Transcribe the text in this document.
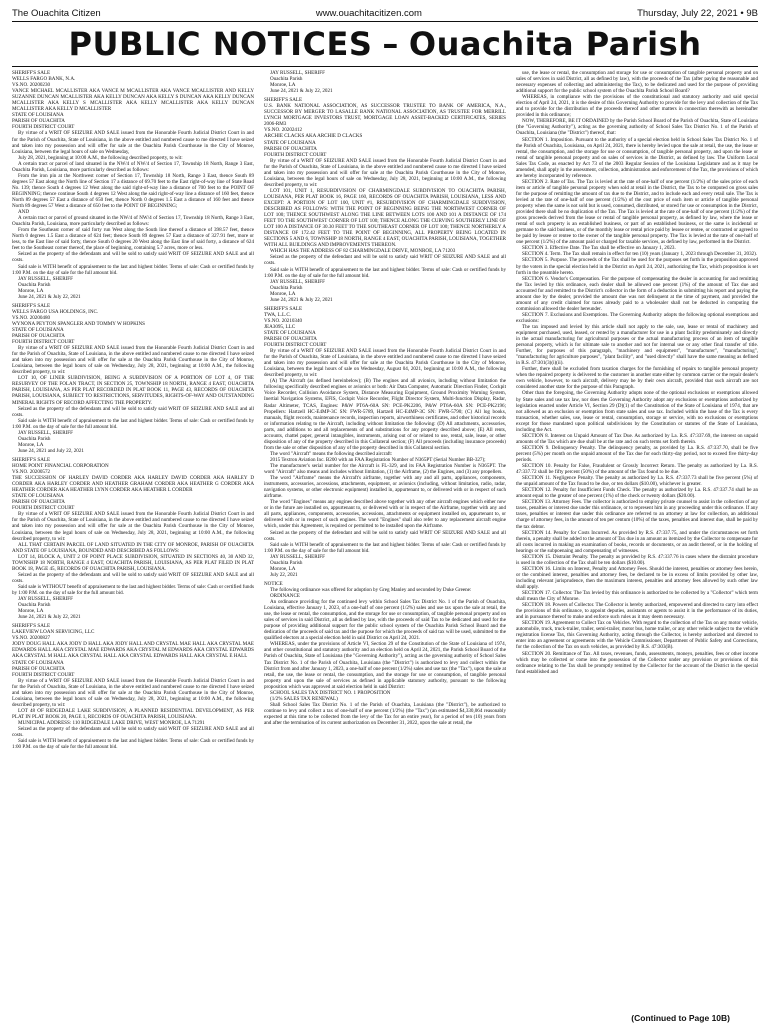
The Ouachita Citizen	www.ouachitacitizen.com	Thursday, July 22, 2021 • 9B
PUBLIC NOTICES – Ouachita Parish

SHERIFF'S SALE

WELLS FARGO BANK, N.A.

VS.NO. 20200230

VANCE MICHAEL MCALLISTER AKA VANCE M MCALLISTER AKA VANCE MCALLISTER AND KELLY SUZANNE DUNCAN MCALLISTER AKA KELLY DUNCAN AKA KELLY S DUNCAN AKA KELLY DUNCAN MCALLISTER AKA KELLY S MCALLISTER AKA KELLY MCALLISTER AKA KELLY DUNCAN MCALLISTER AKA KELLY D MCALLISTER

STATE OF LOUISIANA

PARISH OF OUACHITA

FOURTH DISTRICT COURT

By virtue of a WRIT OF SEIZURE AND SALE issued from the Honorable Fourth Judicial District Court in and for the Parish of Ouachita, State of Louisiana, in the above entitled and numbered cause to me directed I have seized and taken into my possession and will offer for sale at the Ouachita Parish Courthouse in the City of Monroe, Louisiana, between the legal hours of sale on Wednesday,

July 28, 2021, beginning at 10:00 A.M., the following described property, to wit:

A certain tract or parcel of land situated in the NW/4 of NW/4 of Section 17, Township 18 North, Range 3 East, Ouachita Parish, Louisiana, more particularly described as follows:

From the iron pin at the Northwest corner of Section 17, Township 18 North, Range 3 East, thence South 89 degrees 57 East along the North line of Section 17 a distance of 69.70 feet to the East right-of-way line of State Road No. 139; thence South 4 degrees 12 West along the said right-of-way line a distance of 700 feet to the POINT OF BEGINNING; thence continue South 4 degrees 12 West along the said right-of-way line a distance of 160 feet, thence North 89 degrees 57 East a distance of 650 feet, thence North 0 degrees 1.5 East a distance of 160 feet and thence North 89 degrees 57 West a distance of 650 feet to the POINT OF BEGINNING;

AND

A certain tract or parcel of ground situated in the NW/4 of NW/4 of Section 17, Township 18 North, Range 3 East, Ouachita Parish, Louisiana, more particularly described as follows:

From the Southeast corner of said forty run West along the South line thereof a distance of 398.57 feet, thence North 0 degrees 1.5 East a distance of 624 feet; thence South 89 degrees 57 East a distance of 327.91 feet, more or less, to the East line of said forty, thence South 0 degrees 20 West along the East line of said forty, a distance of 624 feet to the Southeast corner thereof, the place of beginning, containing 5.7 acres, more or less.

Seized as the property of the defendants and will be sold to satisfy said WRIT OF SEIZURE AND SALE and all costs.

Said sale is WITH benefit of appraisement to the last and highest bidder. Terms of sale: Cash or certified funds by 1:00 P.M. on the day of sale for the full amount bid.

JAY RUSSELL, SHERIFF

Ouachita Parish

Monroe, LA

June 24, 2021 & July 22, 2021

SHERIFF'S SALE

WELLS FARGO USA HOLDINGS, INC.

VS.NO. 20200480

WYNONA PEYTON SPANGLER AND TOMMY W HOPKINS

STATE OF LOUISIANA

PARISH OF OUACHITA

FOURTH DISTRICT COURT

By virtue of a WRIT OF SEIZURE AND SALE issued from the Honorable Fourth Judicial District Court in and for the Parish of Ouachita, State of Louisiana, in the above entitled and numbered cause to me directed I have seized and taken into my possession and will offer for sale at the Ouachita Parish Courthouse in the City of Monroe, Louisiana, between the legal hours of sale on Wednesday, July 28, 2021, beginning at 10:00 A.M., the following described property, to wit:

LOT 10, OF LINER SUBDIVISION, BEING A SUBDIVISION OF A PORTION OF LOT 4, OF THE RESURVEY OF THE FOLAN TRACT, IN SECTION 25, TOWNSHIP 18 NORTH, RANGE 4 EAST, OUACHITA PARISH, LOUISIANA, AS PER PLAT RECORDED IN PLAT BOOK 11, PAGE 43, RECORDS OF OUACHITA PARISH, LOUISIANA, SUBJECT TO RESTRICTIONS, SERVITUDES, RIGHTS-OF-WAY AND OUTSTANDING MINERAL RIGHTS OF RECORD AFFECTING THE PROPERTY.

Seized as the property of the defendants and will be sold to satisfy said WRIT OF SEIZURE AND SALE and all costs.

Said sale is WITH benefit of appraisement to the last and highest bidder. Terms of sale: Cash or certified funds by 1:00 P.M. on the day of sale for the full amount bid.

JAY RUSSELL, SHERIFF

Ouachita Parish

Monroe, LA

June 24, 2021 and July 22, 2021

SHERIFF'S SALE

HOME POINT FINANCIAL CORPORATION

VS.NO. 20200572

THE SUCCESSION OF HARLEY DAVID CORDER AKA HARLEY DAVID CORDER AKA HARLEY D CORDER AKA HARLEY CORDER AND HEATHER GRAHAM CORDER AKA HEATHER G CORDER AKA HEATHER CORDER AKA HEATHER LYNN CORDER AKA HEATHER L CORDER

STATE OF LOUISIANA

PARISH OF OUACHITA

FOURTH DISTRICT COURT

By virtue of a WRIT OF SEIZURE AND SALE issued from the Honorable Fourth Judicial District Court in and for the Parish of Ouachita, State of Louisiana, in the above entitled and numbered cause to me directed I have seized and taken into my possession and will offer for sale at the Ouachita Parish Courthouse in the City of Monroe, Louisiana, between the legal hours of sale on Wednesday, July 28, 2021, beginning at 10:00 A.M., the following described property, to wit:

ALL THAT CERTAIN PARCEL OF LAND SITUATED IN THE CITY OF MONROE, PARISH OF OUACHITA AND STATE OF LOUISIANA, BOUNDED AND DESCRIBED AS FOLLOWS:

LOT 14, BLOCK A, UNIT 2 OF POINT PLACE SUBDIVISION, SITUATED IN SECTIONS 40, 30 AND 32, TOWNSHIP 18 NORTH, RANGE 4 EAST, OUACHITA PARISH, LOUISIANA, AS PER PLAT FILED IN PLAT BOOK 18, PAGE 45, RECORDS OF OUACHITA PARISH, LOUISIANA.

Seized as the property of the defendants and will be sold to satisfy said WRIT OF SEIZURE AND SALE and all costs.

Said sale is WITHOUT benefit of appraisement to the last and highest bidder. Terms of sale: Cash or certified funds by 1:00 P.M. on the day of sale for the full amount bid.

JAY RUSSELL, SHERIFF

Ouachita Parish

Monroe, LA

June 24, 2021 & July 22, 2021

SHERIFF'S SALE

LAKEVIEW LOAN SERVICING, LLC

VS.NO. 20200827

JODY DOUG HALL AKA JODY D HALL AKA JODY HALL AND CRYSTAL MAE HALL AKA CRYSTAL MAE EDWARDS HALL AKA CRYSTAL MAE EDWARDS AKA CRYSTAL M EDWARDS AKA CRYSTAL EDWARDS AKA CRYSTAL M HALL AKA CRYSTAL HALL AKA CRYSTAL EDWARDS HALL AKA CRYSTAL E HALL

STATE OF LOUISIANA

PARISH OF OUACHITA

FOURTH DISTRICT COURT

By virtue of a WRIT OF SEIZURE AND SALE issued from the Honorable Fourth Judicial District Court in and for the Parish of Ouachita, State of Louisiana, in the above entitled and numbered cause to me directed I have seized and taken into my possession and will offer for sale at the Ouachita Parish Courthouse in the City of Monroe, Louisiana, between the legal hours of sale on Wednesday, July 28, 2021, beginning at 10:00 A.M., the following described property, to wit:

LOT 48 OF RIDGEDALE LAKE SUBDIVISION, A PLANNED RESIDENTIAL DEVELOPMENT, AS PER PLAT IN PLAT BOOK 20, PAGE 1, RECORDS OF OUACHITA PARISH, LOUISIANA.

MUNICIPAL ADDRESS: 110 RIDGEDALE LAKE DRIVE, WEST MONROE, LA 71291

Seized as the property of the defendants and will be sold to satisfy said WRIT OF SEIZURE AND SALE and all costs.

Said sale is WITH benefit of appraisement to the last and highest bidder. Terms of sale: Cash or certified funds by 1:00 P.M. on the day of sale for the full amount bid.

JAY RUSSELL, SHERIFF

Ouachita Parish

Monroe, LA

June 24, 2021 & July 22, 2021

SHERIFF'S SALE

U.S. BANK NATIONAL ASSOCIATION, AS SUCCESSOR TRUSTEE TO BANK OF AMERICA, N.A., SUCCESSOR BY MERGER TO LASALLE BANK NATIONAL ASSOCIATION, AS TRUSTEE FOR MERRILL LYNCH MORTGAGE INVESTORS TRUST, MORTGAGE LOAN ASSET-BACKED CERTIFICATES, SERIES 2006-RM3

VS.NO. 20202412

ARCHIE CLACKS AKA ARCHIE D CLACKS

STATE OF LOUISIANA

PARISH OF OUACHITA

FOURTH DISTRICT COURT

By virtue of a WRIT OF SEIZURE AND SALE issued from the Honorable Fourth Judicial District Court in and for the Parish of Ouachita, State of Louisiana, in the above entitled and numbered cause to me directed I have seized and taken into my possession and will offer for sale at the Ouachita Parish Courthouse in the City of Monroe, Louisiana, between the legal hours of sale on Wednesday, July 28, 2021, beginning at 10:00 A.M., the following described property, to wit:

LOT 101, UNIT 1, RESUBDIVISION OF CHARMINGDALE SUBDIVISION TO OUACHITA PARISH, LOUISIANA, PER PLAT BOOK 16, PAGE 160, RECORDS OF OUACHITA PARISH, LOUISIANA, LESS AND EXCEPT: A PORTION OF LOT 100, UNIT #1, RESUBDIVISION OF CHARMINGDALE SUBDIVISION, DESCRIBED AS FOLLOWS: WITH THE POINT OF BEGINNING BEING THE NORTHWEST CORNER OF LOT 100; THENCE SOUTHWEST ALONG THE LINE BETWEEN LOTS 100 AND 101 A DISTANCE OF 174 FEET TO THE SOUTHWEST CORNER OF LOT 100; THENCE ALONG THE CURVING SOUTHERLY LINE OF LOT 100 A DISTANCE OF 30.30 FEET TO THE SOUTHEAST CORNER OF LOT 100; THENCE NORTHERLY A DISTANCE OF 172.42 FEET TO THE POINT OF BEGINNING, ALL PROPERTY BEING LOCATED IN SECTIONS 5 AND 6, TOWNSHIP 18 NORTH, RANGE 4 EAST, OUACHITA PARISH, LOUISIANA, TOGETHER WITH ALL BUILDINGS AND IMPROVEMENTS THEREON.

WHICH HAS THE ADDRESS OF 82 CHARMINGDALE DRIVE, MONROE, LA 71203

Seized as the property of the defendant and will be sold to satisfy said WRIT OF SEIZURE AND SALE and all costs.

Said sale is WITH benefit of appraisement to the last and highest bidder. Terms of sale: Cash or certified funds by 1:00 P.M. on the day of sale for the full amount bid.

JAY RUSSELL, SHERIFF

Ouachita Parish

Monroe, LA

June 24, 2021 & July 22, 2021

SHERIFF'S SALE

TWA, L.L.C.

VS.NO. 20210340

JEA3095, LLC

STATE OF LOUISIANA

PARISH OF OUACHITA

FOURTH DISTRICT COURT

By virtue of a WRIT OF SEIZURE AND SALE issued from the Honorable Fourth Judicial District Court in and for the Parish of Ouachita, State of Louisiana, in the above entitled and numbered cause to me directed I have seized and taken into my possession and will offer for sale at the Ouachita Parish Courthouse in the City of Monroe, Louisiana, between the legal hours of sale on Wednesday, August 04, 2021, beginning at 10:00 A.M., the following described property, to wit:

(A) The Aircraft (as defined hereinbelow); (B) The engines and all avionics, including without limitation the following specifically described engines or avionics or both: Air Data Computer, Automatic Direction Finder, Cockpit Voice Recorder, Collision Avoidance System, Distance Measuring Equipment, Ground Proximity Warning System, Inertial Navigation Systems, EFIS, Cockpit Voice Recorder, Flight Director System, Multi-function Display, Radar, Radar Altimeter, TCAS, Engines: P&W PT6A-60A SN: PCE-PK2206, P&W PT6A-60A SN: PCE-PK2196; Propellers: Hartzell HC-E4MP-3C SN: FWR-5789, Hartzell HC-E4MP-3C SN: FWR-5790; (C) All log books, manuals, flight records, maintenance records, inspection reports, airworthiness certificates, and other historical records or information relating to the Aircraft, including without limitation the following: (D) All attachments, accessories, parts, and additions to and all replacements of and substitutions for any property described above; (E) All rents, accounts, chattel paper, general intangibles, instruments, arising out of or related to use, rental, sale, lease, or other disposition of any of the property described in this Collateral section; (F) All proceeds (including insurance proceeds) from the sale or other disposition of any of the property described in this Collateral section.

The word "Aircraft" means the following described aircraft:

2015 Textron Aviation Inc. B200 with an FAA Registration Number of N365PT (Serial Number BB-327);

The manufacturer's serial number for the Aircraft is FL-329, and its FAA Registration Number is N365PT. The word "Aircraft" also means and includes without limitation, (1) the Airframe, (2) the Engines, and (3) any propellers.

The word "Airframe" means the Aircraft's airframe, together with any and all parts, appliances, components, instruments, accessories, accessions, attachments, equipment, or avionics (including, without limitation, radio, radar, navigation systems, or other electronic equipment) installed in, appurtenant to, or delivered with or in respect of such airframe.

The word "Engines" means any engines described above together with any other aircraft engines which either now or in the future are installed on, appurtenant to, or delivered with or in respect of the Airframe, together with any and all parts, appliances, components, accessories, accessions, attachments or equipment installed on, appurtenant to, or delivered with or in respect of such engines. The word "Engines" shall also refer to any replacement aircraft engine which, under this Agreement, is required or permitted to be installed upon the Airframe.

Seized as the property of the defendant and will be sold to satisfy said WRIT OF SEIZURE AND SALE and all costs.

Said sale is WITH benefit of appraisement to the last and highest bidder. Terms of sale: Cash or certified funds by 1:00 P.M. on the day of sale for the full amount bid.

JAY RUSSELL, SHERIFF

Ouachita Parish

Monroe, LA

July 22, 2021

NOTICE

The following ordinance was offered for adoption by Greg Manley and seconded by Duke Greene:

ORDINANCE

An ordinance providing for the continued levy within School Sales Tax District No. 1 of the Parish of Ouachita, Louisiana, effective January 1, 2023, of a one-half of one percent (1/2%) sales and use tax upon the sale at retail, the use, the lease or rental, the consumption, and the storage for use or consumption, of tangible personal property and on sales of services in said District, all as defined by law, with the proceeds of said Tax to be dedicated and used for the purpose of providing additional support for the public school system of the Ouachita Parish School Board and the dedication of the proceeds of said tax and the purpose for which the proceeds of said tax will be used, submitted to the qualified electors at a special election held in said District on April 24, 2021.

WHEREAS, under the provisions of Article VI, Section 29 of the Constitution of the State of Louisiana of 1974, and other constitutional and statutory authority and an election held on April 24, 2021, the Parish School Board of the Parish of Ouachita, State of Louisiana (the "Governing Authority"), acting as the governing authority of School Sales Tax District No. 1 of the Parish of Ouachita, Louisiana (the "District") is authorized to levy and collect within the District from and after January 1, 2023, a one-half of one percent (1/2%) sales and use tax (the "Tax"), upon the sale at retail, the use, the lease or rental, the consumption, and the storage for use or consumption, of tangible personal property and upon the sale of services as defined in applicable statutory authority, pursuant to the following proposition which was approved at said election held in said District:

SCHOOL SALES TAX DISTRICT NO. 1 PROPOSITION

(1/2% SALES TAX RENEWAL)

Shall School Sales Tax District No. 1 of the Parish of Ouachita, Louisiana (the "District"), be authorized to continue to levy and collect a tax of one-half of one percent (1/2%) (the "Tax") (an estimated $4,330,064 reasonably expected at this time to be collected from the levy of the Tax for an entire year), for a period of ten (10) years from and after the termination of its current authorization on December 31, 2022, upon the sale at retail, the

use, the lease or rental, the consumption and storage for use or consumption of tangible personal property and on sales of services in said District, all as defined by law), with the proceeds of the Tax (after paying the reasonable and necessary expenses of collecting and administering the Tax), to be dedicated and used for the purpose of providing additional support for the public school system of the Ouachita Parish School Board?

WHEREAS, in compliance with the provisions of the constitutional and statutory authority and said special election of April 24, 2021, it is the desire of this Governing Authority to provide for the levy and collection of the Tax and to provide for the distribution of the proceeds thereof and other matters in connection therewith as hereinafter provided in this ordinance;

NOW, THEREFORE, BE IT ORDAINED by the Parish School Board of the Parish of Ouachita, State of Louisiana (the "Governing Authority"), acting as the governing authority of School Sales Tax District No. 1 of the Parish of Ouachita, Louisiana (the "District") thereof, that:

SECTION 1. Imposition. Pursuant to the authority of a special election held in School Sales Tax District No. 1 of the Parish of Ouachita, Louisiana, on April 24, 2021, there is hereby levied upon the sale at retail, the use, the lease or rental, the consumption, and the storage for use or consumption, of tangible personal property, and upon the lease or rental of tangible personal property and on sales of services in the District, as defined by law. The Uniform Local Sales Tax Code, as enacted by Act 73 of the 2003 Regular Session of the Louisiana Legislature and as it may be amended, shall apply in the assessment, collection, administration and enforcement of the Tax, the provisions of which are hereby incorporated by reference.

SECTION 2. Rate of Tax. The Tax is levied at the rate of one-half of one percent (1/2%) of the sales price of each item or article of tangible personal property when sold at retail in the District, the Tax to be computed on gross sales for the purpose of remitting the amount of tax due to the District, and to include each and every retail sale. The Tax is levied at the rate of one-half of one percent (1/2%) of the cost price of each item or article of tangible personal property when the same is not sold but is used, consumed, distributed, or stored for use or consumption in the District, provided there shall be no duplication of the Tax. The Tax is levied at the rate of one-half of one percent (1/2%) of the gross proceeds derived from the lease or rental of tangible personal property, as defined by law, where the lease or rental of such property is an established business, or part of an established business, or the same is incidental or germane to the said business, or of the monthly lease or rental price paid by lessee or rentee, or contracted or agreed to be paid by lessee or rentee to the owner of the tangible personal property. The Tax is levied at the rate of one-half of one percent (1/2%) of the amount paid or charged for taxable services, as defined by law, performed in the District.

SECTION 3. Effective Date. The Tax shall be effective on January 1, 2023.

SECTION 4. Term. The Tax shall remain in effect for ten (10) years (January 1, 2023 through December 31, 2032).

SECTION 5. Purpose. The proceeds of the Tax shall be used for the purposes set forth in the proposition approved by the voters in the special election held in the District on April 24, 2021, authorizing the Tax, which proposition is set forth in the preamble hereto.

SECTION 6. Vendor's Compensation. For the purpose of compensating the dealer in accounting for and remitting the Tax levied by this ordinance, each dealer shall be allowed one percent (1%) of the amount of Tax due and accounted for and remitted to the District's collector in the form of a deduction in submitting his report and paying the amount due by the dealer, provided the amount due was not delinquent at the time of payment, and provided the amount of any credit claimed for taxes already paid to a wholesaler shall not be deducted in computing the commission allowed the dealer hereunder.

SECTION 7. Exclusions and Exemptions. The Governing Authority adopts the following optional exemptions and exclusions:

The tax imposed and levied by this article shall not apply to the sale, use, lease or rental of machinery and equipment purchased, used, leased, or rented by a manufacturer for use in a plant facility predominately and directly in the actual manufacturing for agricultural purposes or the actual manufacturing process of an item of tangible personal property, which is for ultimate sale to another and not for internal use or any other final transfer of title. Further, for purposes of this paragraph, "machinery and equipment", "manufacturer", "manufacturing", "manufacturing for agriculture purposes", "plant facility", and "used directly" shall have the same meaning as defined in R.S. 47:301(3)(i)(ii).

Further, there shall be excluded from taxation charges for the furnishing of repairs to tangible personal property when the repaired property is delivered to the customer in another state either by common carrier or the repair dealer's own vehicle, however, to such aircraft, delivery may be by their own aircraft, provided that such aircraft are not considered another state for the purpose of this Paragraph.

Other than the foregoing, the Governing Authority adopts none of the optional exclusions or exemptions allowed by State sales and use tax law, nor does the Governing Authority adopt any exclusions or exemptions authorized by legislation enacted under Article VI, Section 29 (D)(1) of the Constitution of the State of Louisiana of 1974, that are not allowed as an exclusion or exemption from state sales and use tax. Included within the base of the Tax is every transaction, whether sales, use, lease or rental, consumption, storage or service, with no exclusions or exemptions except for those mandated upon political subdivisions by the Constitution or statutes of the State of Louisiana, including the Act.

SECTION 8. Interest on Unpaid Amount of Tax Due. As authorized by La. R.S. 47:337.69, the interest on unpaid amounts of the Tax which are due shall be at the rate and on such terms set forth therein.

SECTION 9. Delinquency Penalty. The delinquency penalty, as provided by La. R.S. 47:337.70, shall be five percent (5%) per month on the unpaid amount of the Tax due for each thirty-day period, not to exceed five thirty-day periods.

SECTION 10. Penalty for False, Fraudulent or Grossly Incorrect Return. The penalty as authorized by La. R.S. 47:337.72 shall be fifty percent (50%) of the amount of the Tax found to be due.

SECTION 11. Negligence Penalty. The penalty as authorized by La. R.S. 47:337.73 shall be five percent (5%) of the unpaid amount of the Tax found to be due, or ten dollars ($10.00), whichever is greater.

SECTION 12. Penalty for Insufficient Funds Check. The penalty as authorized by La. R.S. 47:337.74 shall be an amount equal to the greater of one percent (1%) of the check or twenty dollars ($20.00).

SECTION 13. Attorney Fees. The collector is authorized to employ private counsel to assist in the collection of any taxes, penalties or interest due under this ordinance, or to represent him in any proceeding under this ordinance. If any taxes, penalties or interest due under this ordinance are referred to an attorney at law for collection, an additional charge of attorney fees, in the amount of ten per centum (10%) of the taxes, penalties and interest due, shall be paid by the tax debtor.

SECTION 14. Penalty for Costs Incurred. As provided by R.S. 47:337.75, and under the circumstances set forth therein, a penalty shall be added to the amount of Tax due in an amount as itemized by the Collector to compensate for all costs incurred in making an examination of books, records or documents, or an audit thereof, or in the holding of hearings or the subpoenaing and compensating of witnesses.

SECTION 15. Distraint Penalty. The penalty as provided by R.S. 47:337.76 in cases where the distraint procedure is used in the collection of the Tax shall be ten dollars ($10.00).

SECTION 16. Limits on Interest, Penalty and Attorney Fees. Should the interest, penalties or attorney fees herein, or the combined interest, penalties and attorney fees, be declared to be in excess of limits provided by other law, including relevant jurisprudence, then the maximum interest, penalties and attorney fees allowed by such other law shall apply.

SECTION 17. Collector. The Tax levied by this ordinance is authorized to be collected by a "Collector" which term shall mean the City of Monroe.

SECTION 18. Powers of Collector. The Collector is hereby authorized, empowered and directed to carry into effect the provisions of this ordinance, to appoint deputies, assistants or agents to assist it in the performance of its duties, and in pursuance thereof to make and enforce such rules as it may deem necessary.

SECTION 19. Agreement to Collect Tax on Vehicles. With regard to the collection of the Tax on any motor vehicle, automobile, truck, truck-trailer, trailer, semi-trailer, motor bus, home trailer, or any other vehicle subject to the vehicle registration license Tax, this Governing Authority, acting through the Collector, is hereby authorized and directed to enter into an agreement or agreements with the Vehicle Commissioner, Department of Public Safety and Corrections, for the collection of the Tax on such vehicles, as provided by R.S. 47:303(B).

SECTION 20. Remittance of Tax. All taxes, revenues, funds, assessments, moneys, penalties, fees or other income which may be collected or come into the possession of the Collector under any provision or provisions of this ordinance relating to the Tax shall be promptly remitted by the Collector for the account of the District in the special fund established and

(Continued to Page 10B)
